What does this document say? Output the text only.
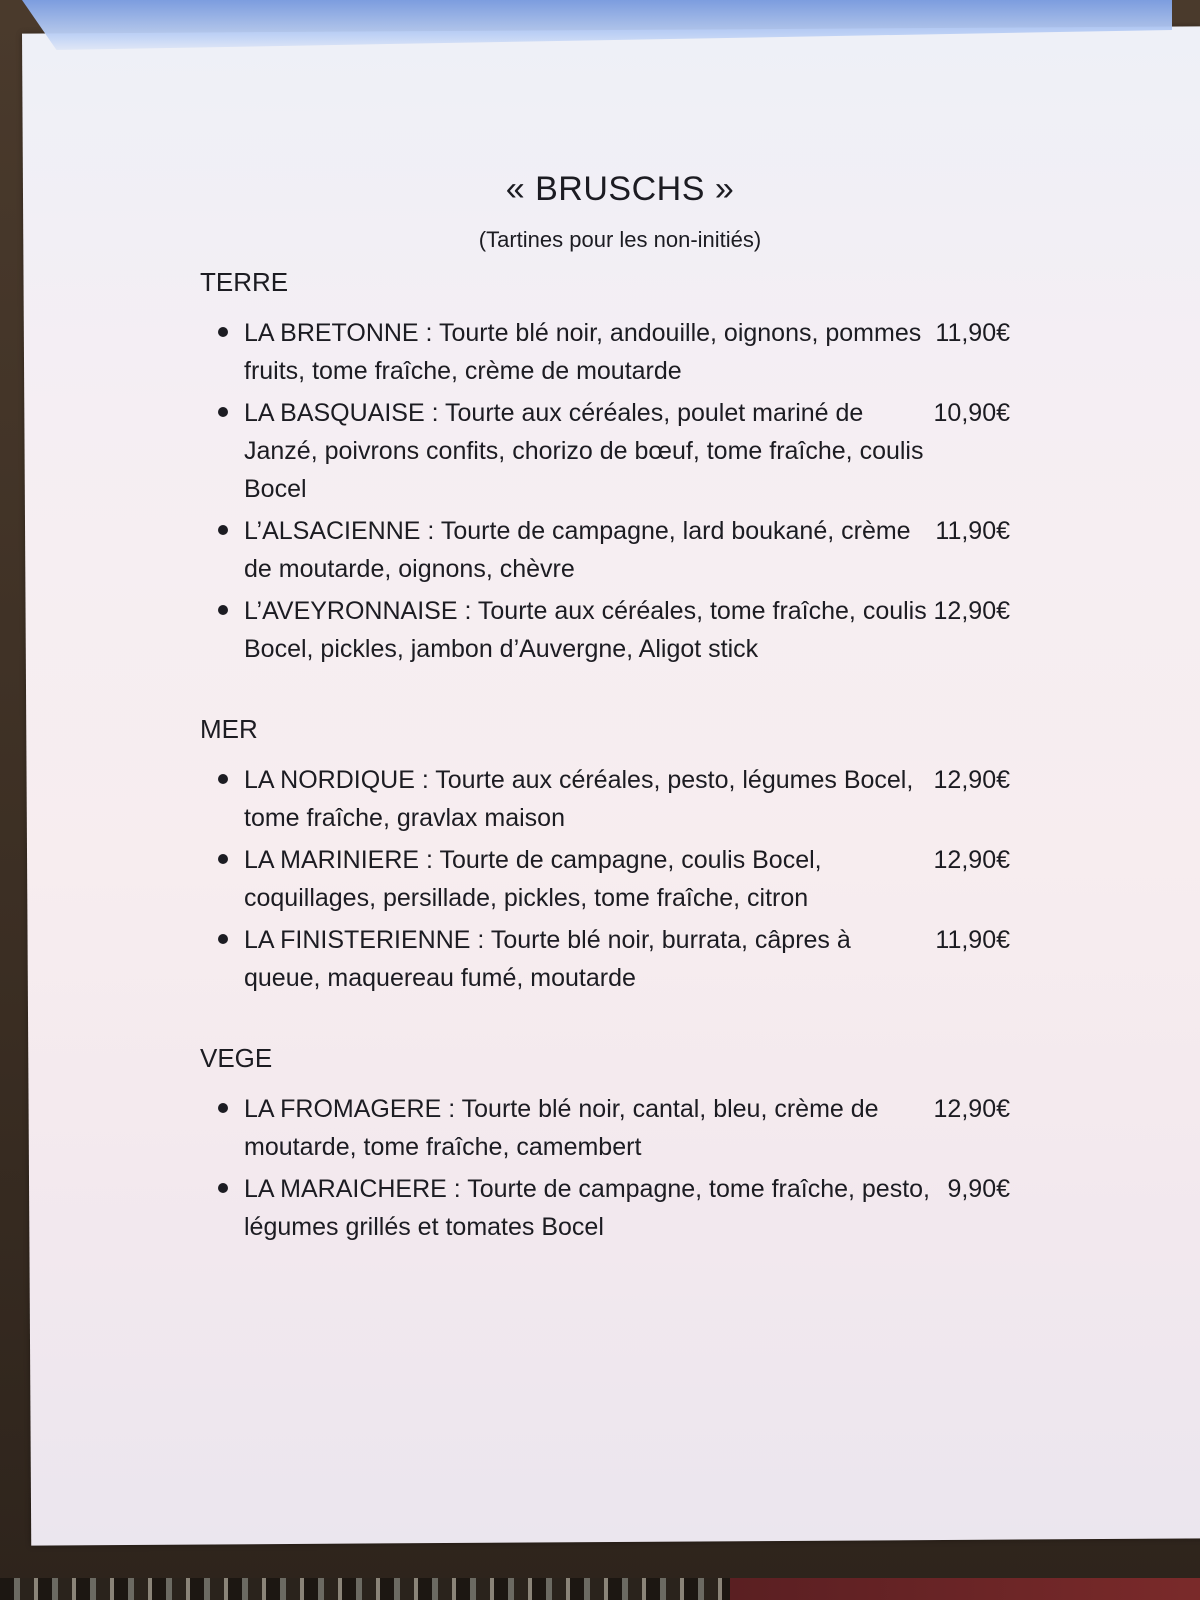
« BRUSCHS »

(Tartines pour les non-initiés)

TERRE
LA BRETONNE : Tourte blé noir, andouille, oignons, pommes fruits, tome fraîche, crème de moutarde
11,90€
LA BASQUAISE : Tourte aux céréales, poulet mariné de Janzé, poivrons confits, chorizo de bœuf, tome fraîche, coulis Bocel
10,90€
L’ALSACIENNE : Tourte de campagne, lard boukané, crème de moutarde, oignons, chèvre
11,90€
L’AVEYRONNAISE : Tourte aux céréales, tome fraîche, coulis Bocel, pickles, jambon d’Auvergne, Aligot stick
12,90€
MER
LA NORDIQUE : Tourte aux céréales, pesto, légumes Bocel, tome fraîche, gravlax maison
12,90€
LA MARINIERE : Tourte de campagne, coulis Bocel, coquillages, persillade, pickles, tome fraîche, citron
12,90€
LA FINISTERIENNE : Tourte blé noir, burrata, câpres à queue, maquereau fumé, moutarde
11,90€
VEGE
LA FROMAGERE : Tourte blé noir, cantal, bleu, crème de moutarde, tome fraîche, camembert
12,90€
LA MARAICHERE : Tourte de campagne, tome fraîche, pesto, légumes grillés et tomates Bocel
9,90€
